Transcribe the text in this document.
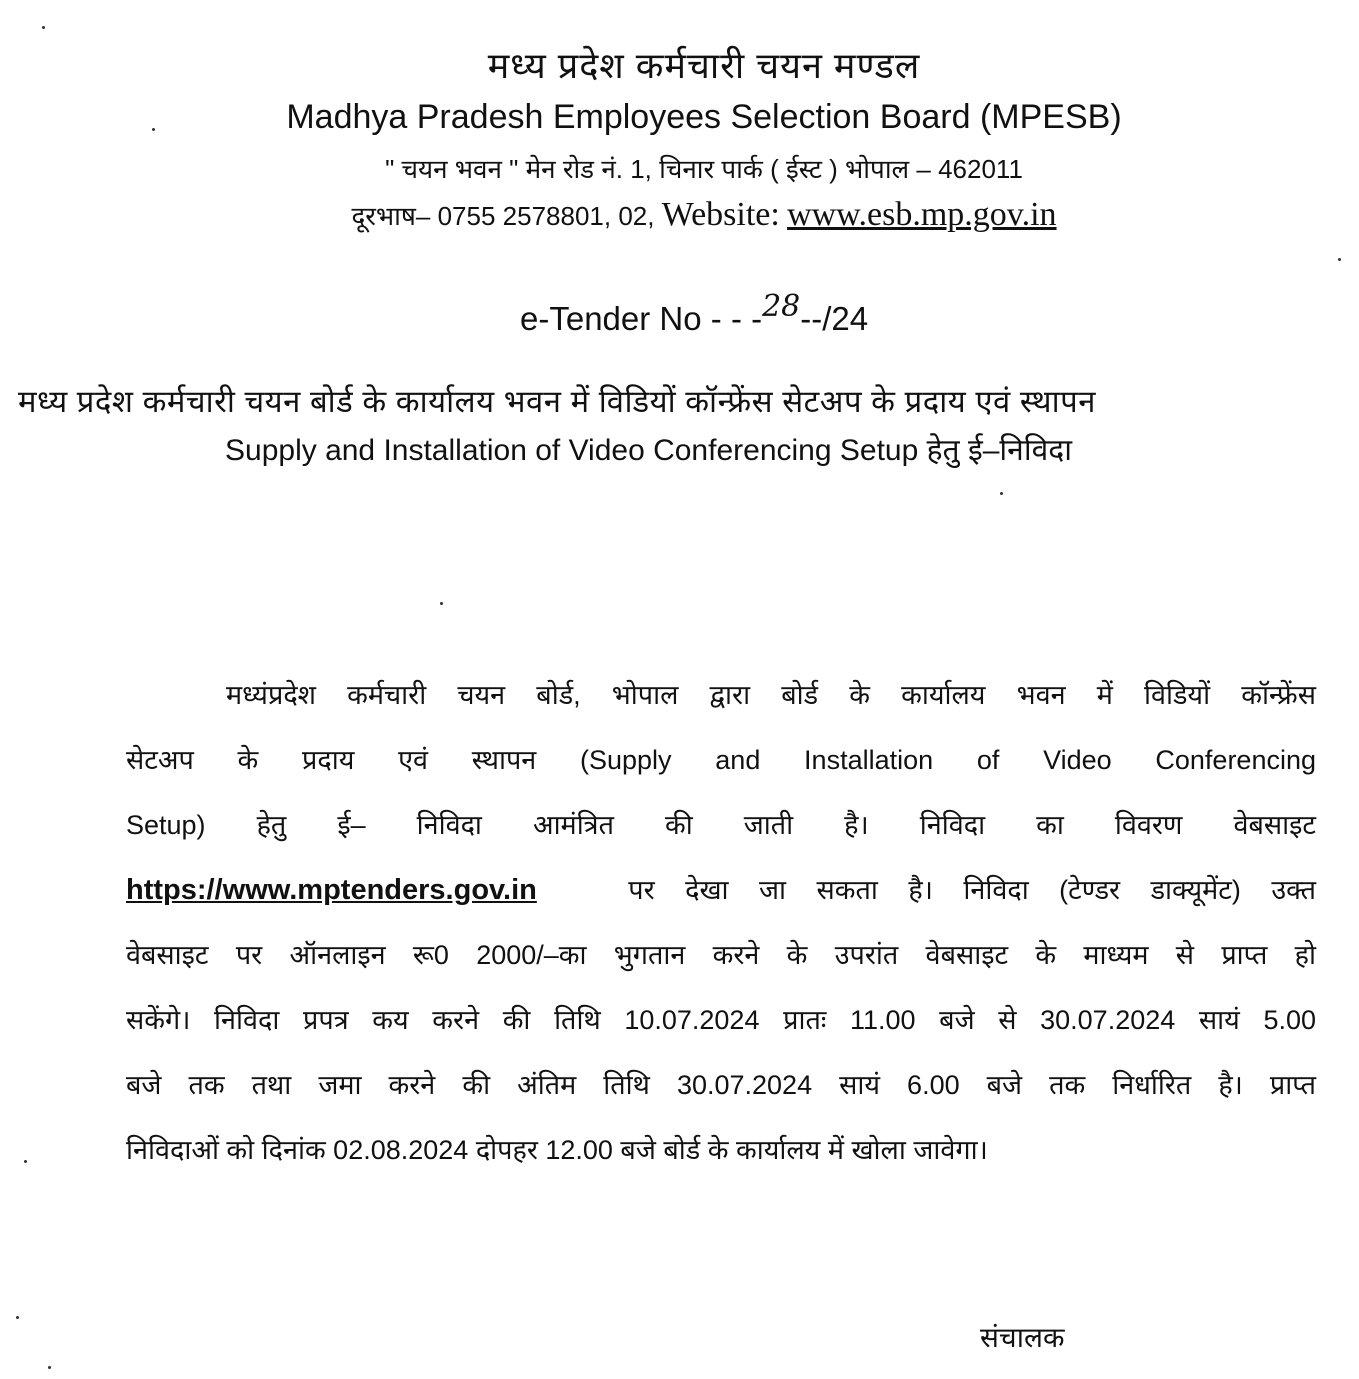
मध्य प्रदेश कर्मचारी चयन मण्डल
Madhya Pradesh Employees Selection Board (MPESB)
" चयन भवन " मेन रोड नं. 1, चिनार पार्क ( ईस्ट ) भोपाल – 462011
दूरभाष– 0755 2578801, 02, Website: www.esb.mp.gov.in
e-Tender No - - -28--/24
मध्य प्रदेश कर्मचारी चयन बोर्ड के कार्यालय भवन में विडियों कॉन्फ्रेंस सेटअप के प्रदाय एवं स्थापन
Supply and Installation of Video Conferencing Setup हेतु ई–निविदा
मध्यंप्रदेश कर्मचारी चयन बोर्ड, भोपाल द्वारा बोर्ड के कार्यालय भवन में विडियों कॉन्फ्रेंस
सेटअप के प्रदाय एवं स्थापन (Supply and Installation of Video Conferencing
Setup) हेतु ई– निविदा आमंत्रित की जाती है। निविदा का विवरण वेबसाइट
https://www.mptenders.gov.in	पर देखा जा सकता है। निविदा (टेण्डर डाक्यूमेंट) उक्त
वेबसाइट पर ऑनलाइन रू0 2000/–का भुगतान करने के उपरांत वेबसाइट के माध्यम से प्राप्त हो
सकेंगे। निविदा प्रपत्र कय करने की तिथि 10.07.2024 प्रातः 11.00 बजे से 30.07.2024 सायं 5.00
बजे तक तथा जमा करने की अंतिम तिथि 30.07.2024 सायं 6.00 बजे तक निर्धारित है। प्राप्त
निविदाओं को दिनांक 02.08.2024 दोपहर 12.00 बजे बोर्ड के कार्यालय में खोला जावेगा।
संचालक
